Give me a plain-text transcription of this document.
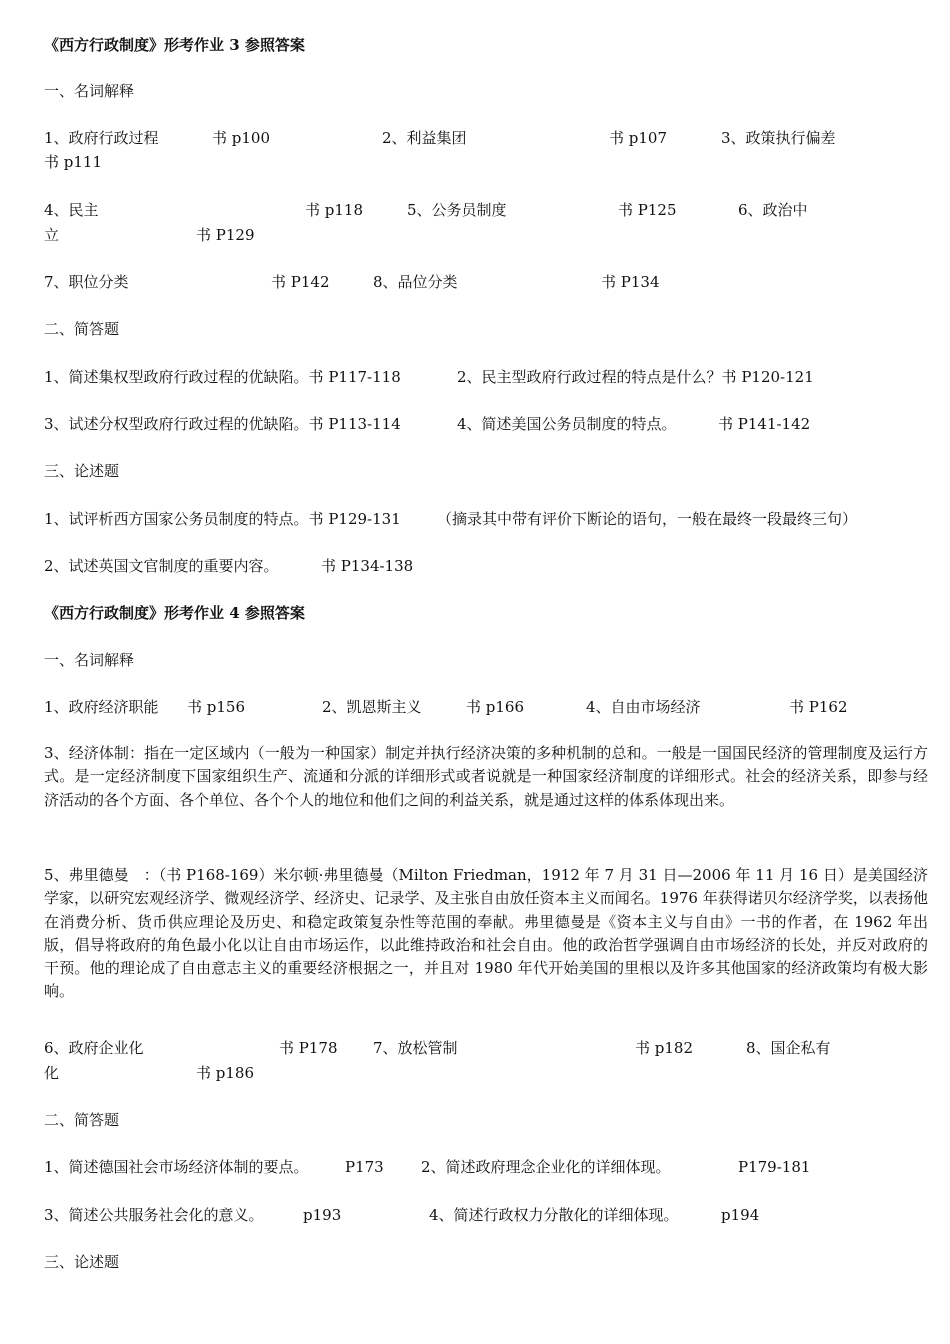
《西方行政制度》形考作业 3 参照答案
一、名词解释
1、政府行政过程	书 p100	2、利益集团	书 p107	3、政策执行偏差
书 p111
4、民主	书 p118	5、公务员制度	书 P125	6、政治中
立	书 P129
7、职位分类	书 P142	8、品位分类	书 P134
二、简答题
1、简述集权型政府行政过程的优缺陷。书 P117-118	2、民主型政府行政过程的特点是什么？书 P120-121
3、试述分权型政府行政过程的优缺陷。书 P113-114	4、简述美国公务员制度的特点。	书 P141-142
三、论述题
1、试评析西方国家公务员制度的特点。书 P129-131 （摘录其中带有评价下断论的语句，一般在最终一段最终三句）
2、试述英国文官制度的重要内容。	书 P134-138
《西方行政制度》形考作业 4 参照答案
一、名词解释
1、政府经济职能 书 p156	2、凯恩斯主义	书 p166	4、自由市场经济	书 P162
3、经济体制：指在一定区域内（一般为一种国家）制定并执行经济决策的多种机制的总和。一般是一国国民经济的管理制度及运行方式。是一定经济制度下国家组织生产、流通和分派的详细形式或者说就是一种国家经济制度的详细形式。社会的经济关系，即参与经济活动的各个方面、各个单位、各个个人的地位和他们之间的利益关系，就是通过这样的体系体现出来。
5、弗里德曼　：（书 P168-169）米尔顿·弗里德曼（Milton Friedman，1912 年 7 月 31 日—2006 年 11 月 16 日）是美国经济学家，以研究宏观经济学、微观经济学、经济史、记录学、及主张自由放任资本主义而闻名。1976 年获得诺贝尔经济学奖，以表扬他在消费分析、货币供应理论及历史、和稳定政策复杂性等范围的奉献。弗里德曼是《资本主义与自由》一书的作者，在 1962 年出版，倡导将政府的角色最小化以让自由市场运作，以此维持政治和社会自由。他的政治哲学强调自由市场经济的长处，并反对政府的干预。他的理论成了自由意志主义的重要经济根据之一，并且对 1980 年代开始美国的里根以及许多其他国家的经济政策均有极大影响。
6、政府企业化	书 P178 7、放松管制	书 p182	8、国企私有
化	书 p186
二、简答题
1、简述德国社会市场经济体制的要点。 P173 2、简述政府理念企业化的详细体现。	P179-181
3、简述公共服务社会化的意义。	p193	4、简述行政权力分散化的详细体现。	p194
三、论述题
